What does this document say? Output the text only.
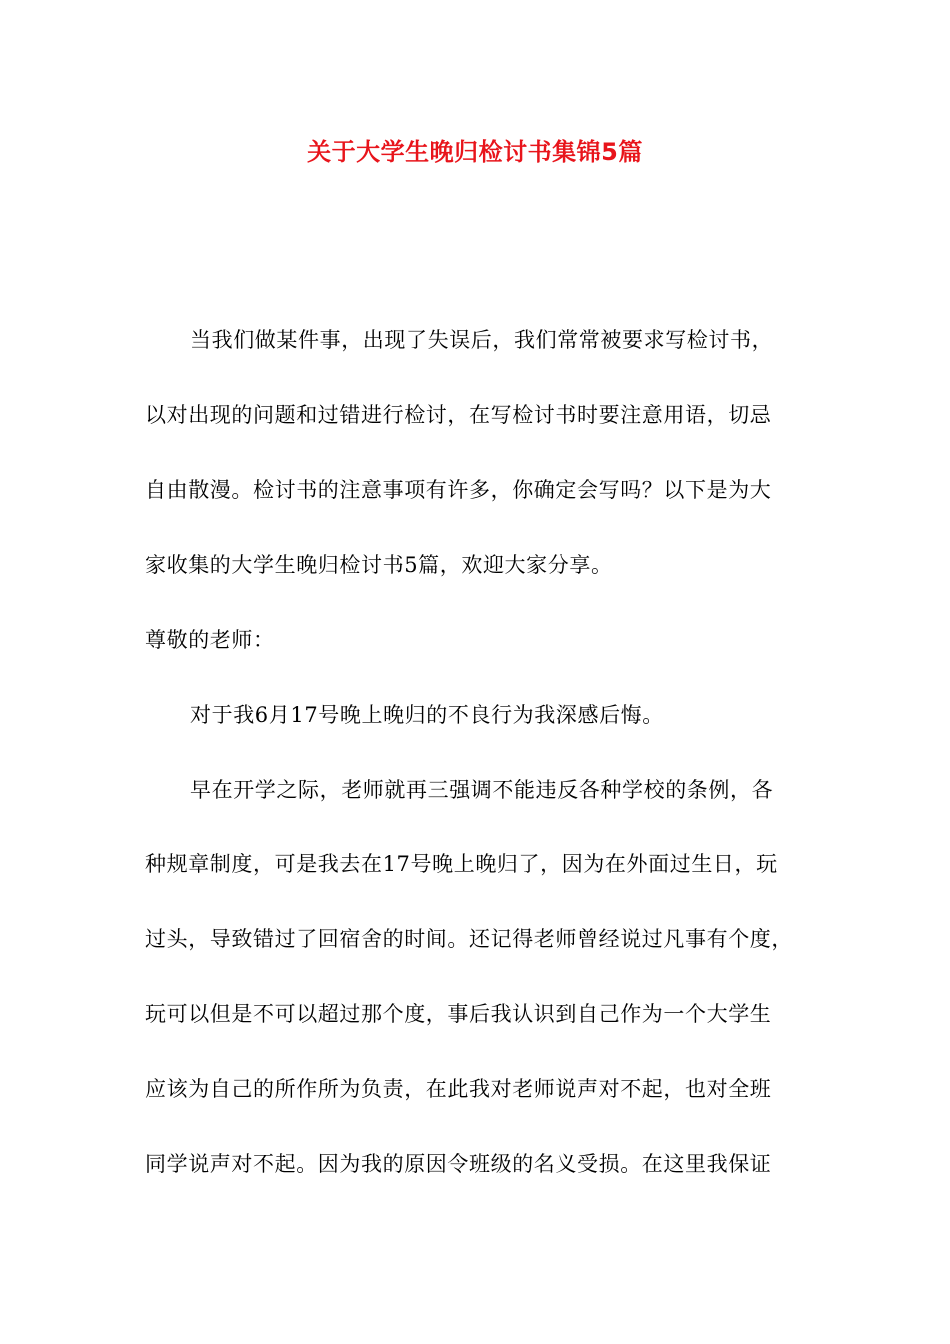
关于大学生晚归检讨书集锦5篇
当我们做某件事，出现了失误后，我们常常被要求写检讨书，
以对出现的问题和过错进行检讨，在写检讨书时要注意用语，切忌
自由散漫。检讨书的注意事项有许多，你确定会写吗？以下是为大
家收集的大学生晚归检讨书5篇，欢迎大家分享。
尊敬的老师：
对于我6月17号晚上晚归的不良行为我深感后悔。
早在开学之际，老师就再三强调不能违反各种学校的条例，各
种规章制度，可是我去在17号晚上晚归了，因为在外面过生日，玩
过头，导致错过了回宿舍的时间。还记得老师曾经说过凡事有个度，
玩可以但是不可以超过那个度，事后我认识到自己作为一个大学生
应该为自己的所作所为负责，在此我对老师说声对不起，也对全班
同学说声对不起。因为我的原因令班级的名义受损。在这里我保证
